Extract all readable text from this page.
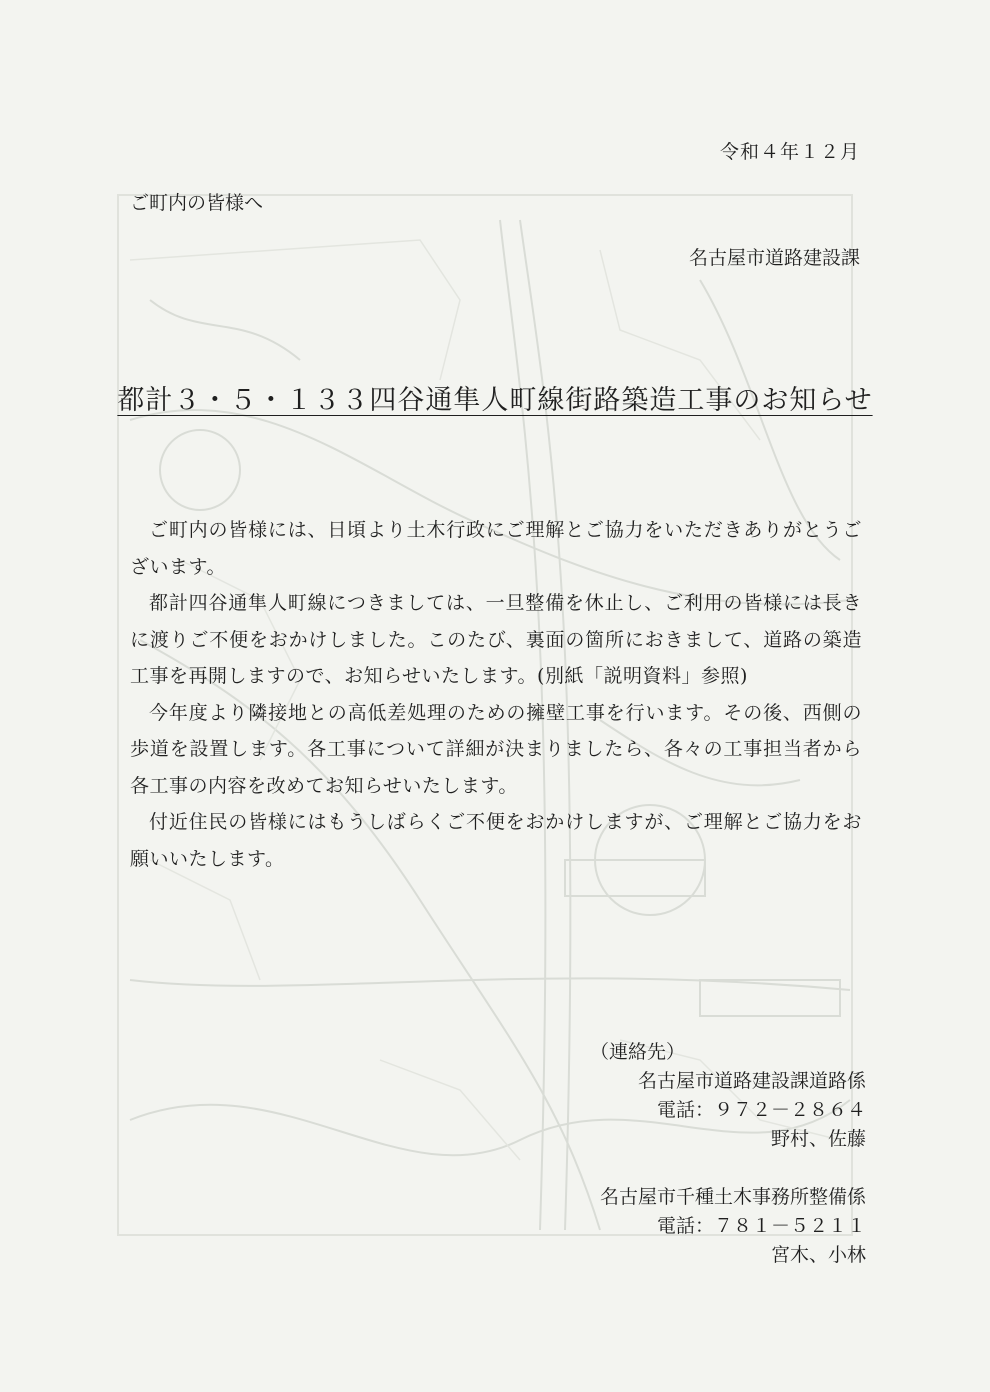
令和４年１２月
ご町内の皆様へ
名古屋市道路建設課
都計３・５・１３３四谷通隼人町線街路築造工事のお知らせ

ご町内の皆様には、日頃より土木行政にご理解とご協力をいただきありがとうございます。

都計四谷通隼人町線につきましては、一旦整備を休止し、ご利用の皆様には長きに渡りご不便をおかけしました。このたび、裏面の箇所におきまして、道路の築造工事を再開しますので、お知らせいたします。(別紙「説明資料」参照)

今年度より隣接地との高低差処理のための擁壁工事を行います。その後、西側の歩道を設置します。各工事について詳細が決まりましたら、各々の工事担当者から各工事の内容を改めてお知らせいたします。

付近住民の皆様にはもうしばらくご不便をおかけしますが、ご理解とご協力をお願いいたします。

（連絡先）
名古屋市道路建設課道路係
電話：９７２－２８６４
野村、佐藤
名古屋市千種土木事務所整備係
電話：７８１－５２１１
宮木、小林
